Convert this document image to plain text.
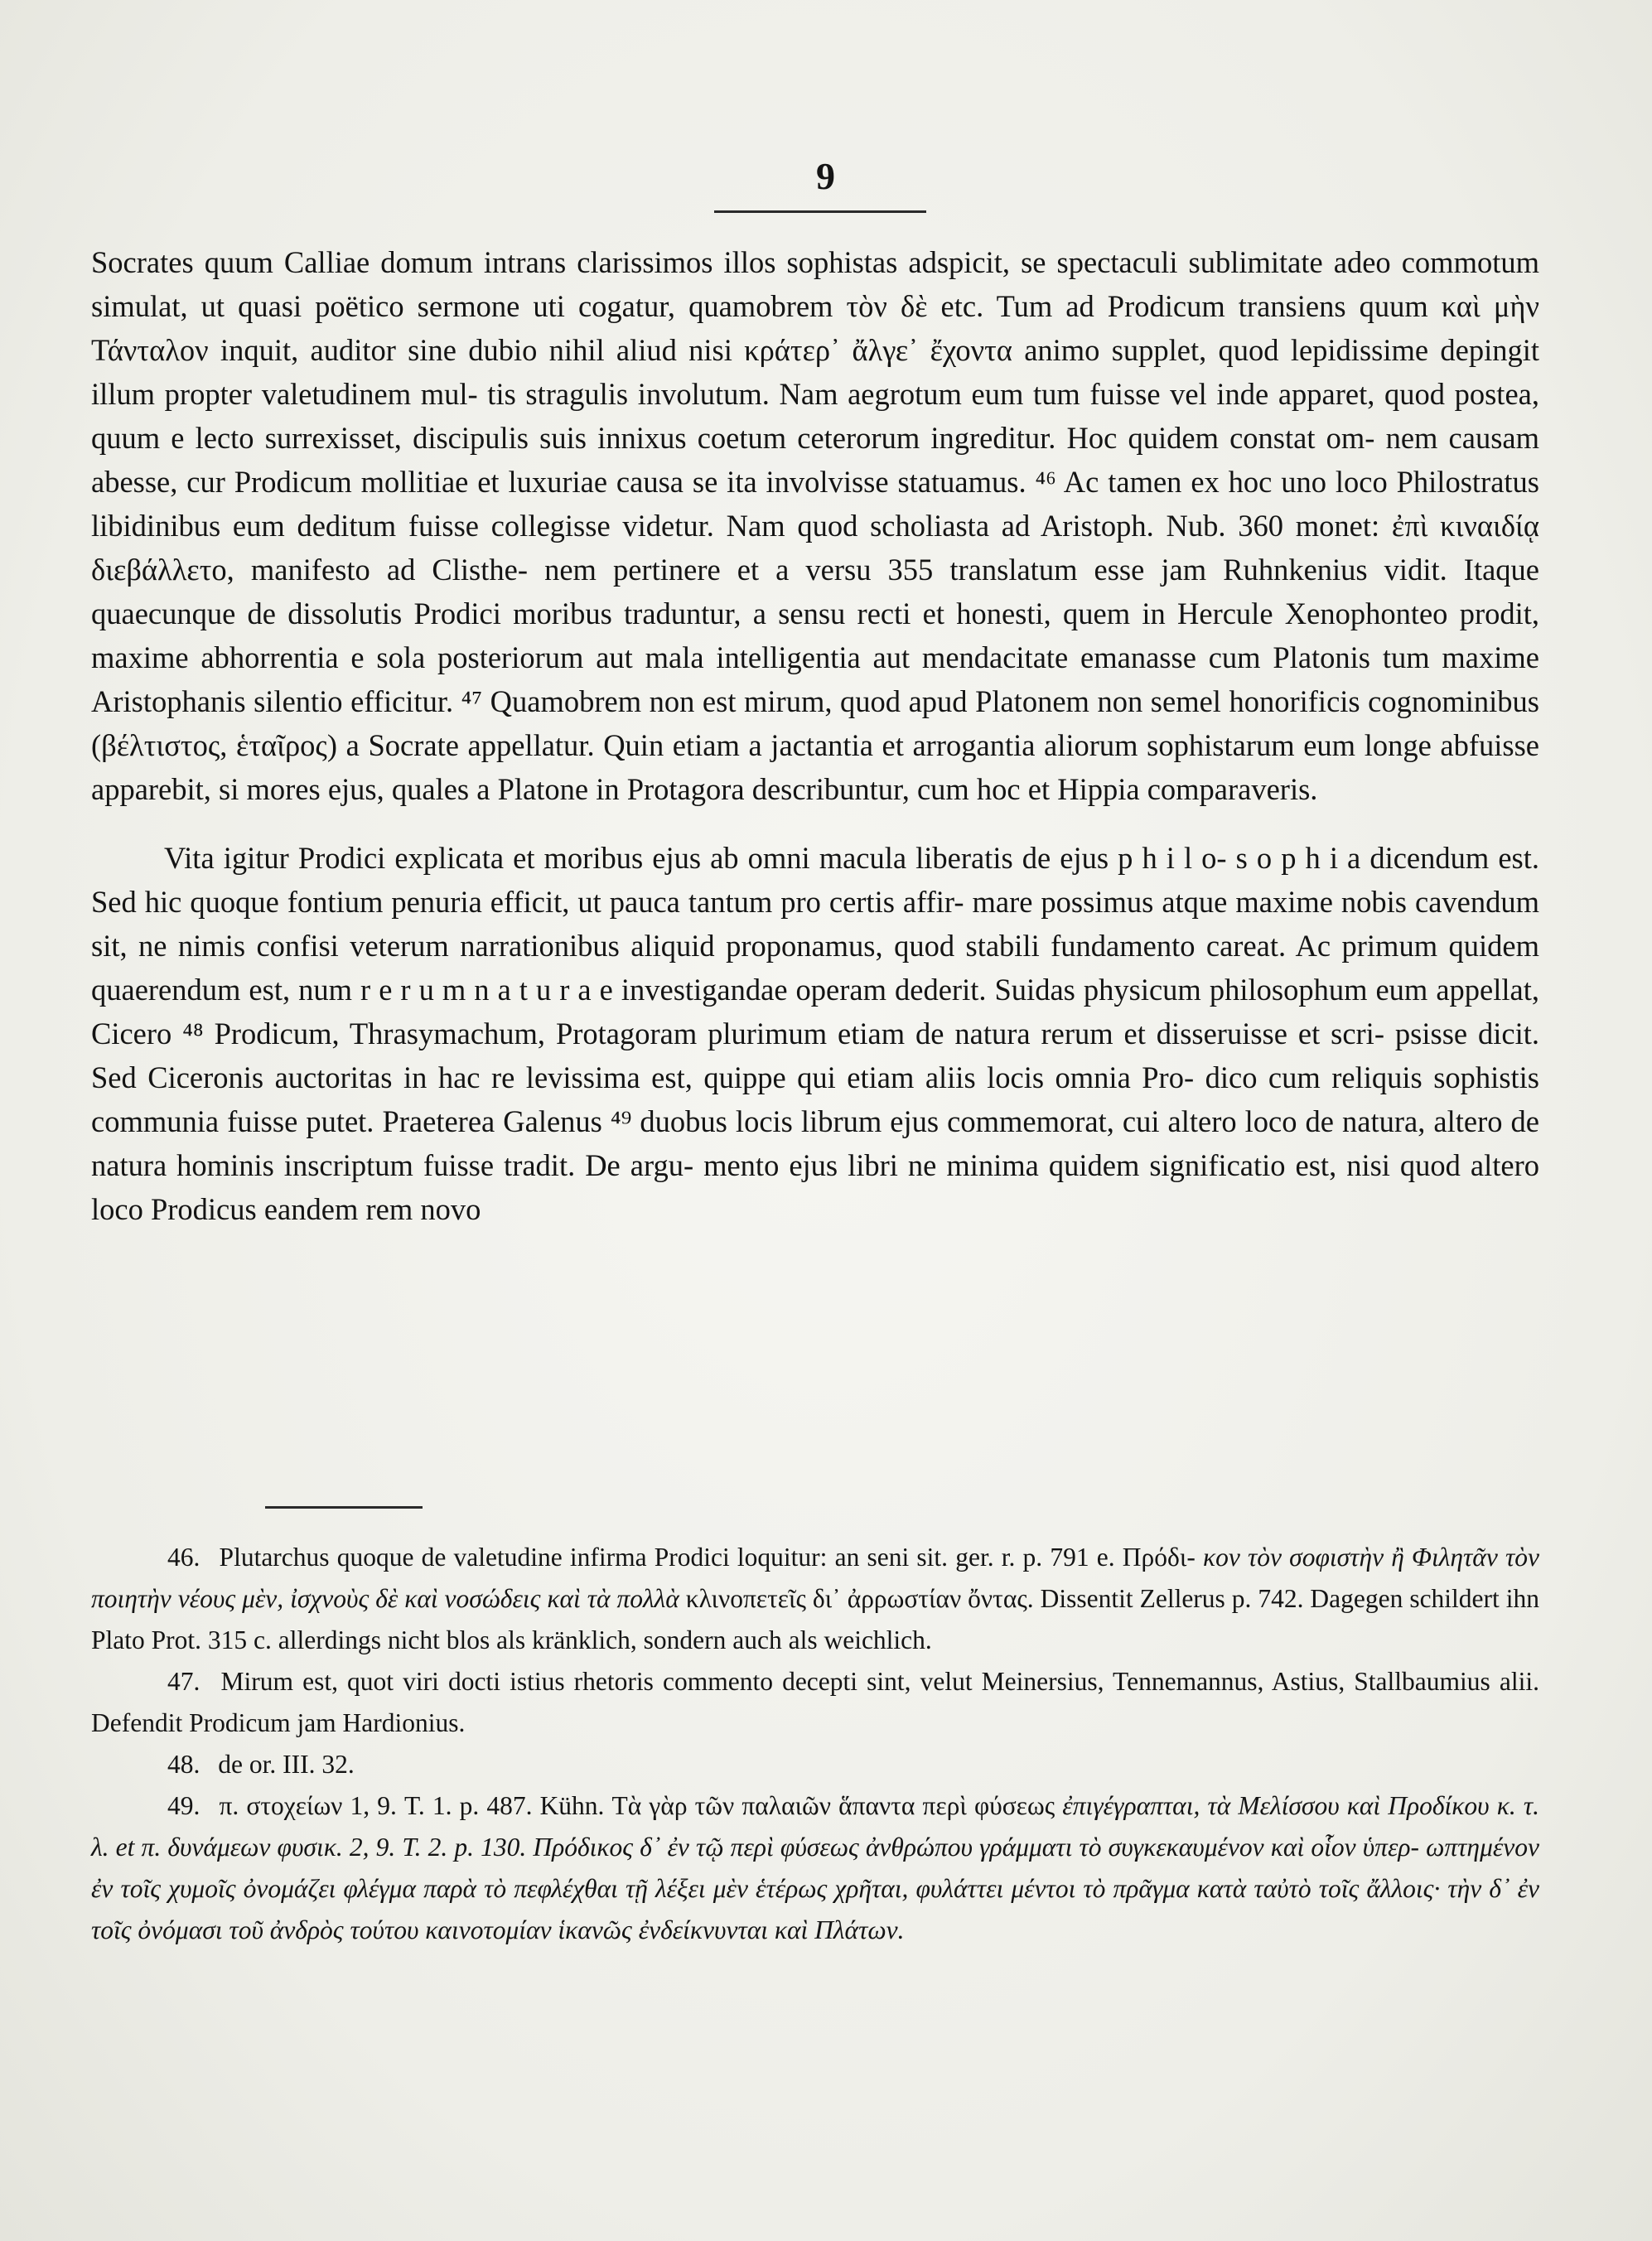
9

Socrates quum Calliae domum intrans clarissimos illos sophistas adspicit, se spectaculi sublimitate adeo commotum simulat, ut quasi poëtico sermone uti cogatur, quamobrem τὸν δὲ etc. Tum ad Prodicum transiens quum καὶ μὴν Τάνταλον inquit, auditor sine dubio nihil aliud nisi κράτερ᾽ ἄλγε᾽ ἔχοντα animo supplet, quod lepidissime depingit illum propter valetudinem mul- tis stragulis involutum. Nam aegrotum eum tum fuisse vel inde apparet, quod postea, quum e lecto surrexisset, discipulis suis innixus coetum ceterorum ingreditur. Hoc quidem constat om- nem causam abesse, cur Prodicum mollitiae et luxuriae causa se ita involvisse statuamus. ⁴⁶ Ac tamen ex hoc uno loco Philostratus libidinibus eum deditum fuisse collegisse videtur. Nam quod scholiasta ad Aristoph. Nub. 360 monet: ἐπὶ κιναιδίᾳ διεβάλλετο, manifesto ad Clisthe- nem pertinere et a versu 355 translatum esse jam Ruhnkenius vidit. Itaque quaecunque de dissolutis Prodici moribus traduntur, a sensu recti et honesti, quem in Hercule Xenophonteo prodit, maxime abhorrentia e sola posteriorum aut mala intelligentia aut mendacitate emanasse cum Platonis tum maxime Aristophanis silentio efficitur. ⁴⁷ Quamobrem non est mirum, quod apud Platonem non semel honorificis cognominibus (βέλτιστος, ἑταῖρος) a Socrate appellatur. Quin etiam a jactantia et arrogantia aliorum sophistarum eum longe abfuisse apparebit, si mores ejus, quales a Platone in Protagora describuntur, cum hoc et Hippia comparaveris.

Vita igitur Prodici explicata et moribus ejus ab omni macula liberatis de ejus p h i l o- s o p h i a dicendum est. Sed hic quoque fontium penuria efficit, ut pauca tantum pro certis affir- mare possimus atque maxime nobis cavendum sit, ne nimis confisi veterum narrationibus aliquid proponamus, quod stabili fundamento careat. Ac primum quidem quaerendum est, num r e r u m n a t u r a e investigandae operam dederit. Suidas physicum philosophum eum appellat, Cicero ⁴⁸ Prodicum, Thrasymachum, Protagoram plurimum etiam de natura rerum et disseruisse et scri- psisse dicit. Sed Ciceronis auctoritas in hac re levissima est, quippe qui etiam aliis locis omnia Pro- dico cum reliquis sophistis communia fuisse putet. Praeterea Galenus ⁴⁹ duobus locis librum ejus commemorat, cui altero loco de natura, altero de natura hominis inscriptum fuisse tradit. De argu- mento ejus libri ne minima quidem significatio est, nisi quod altero loco Prodicus eandem rem novo

46. Plutarchus quoque de valetudine infirma Prodici loquitur: an seni sit. ger. r. p. 791 e. Πρόδι- κον τὸν σοφιστὴν ἢ Φιλητᾶν τὸν ποιητὴν νέους μὲν, ἰσχνοὺς δὲ καὶ νοσώδεις καὶ τὰ πολλὰ κλινοπετεῖς δι᾽ ἀρρωστίαν ὄντας. Dissentit Zellerus p. 742. Dagegen schildert ihn Plato Prot. 315 c. allerdings nicht blos als kränklich, sondern auch als weichlich.

47. Mirum est, quot viri docti istius rhetoris commento decepti sint, velut Meinersius, Tennemannus, Astius, Stallbaumius alii. Defendit Prodicum jam Hardionius.

48. de or. III. 32.

49. π. στοχείων 1, 9. T. 1. p. 487. Kühn. Τὰ γὰρ τῶν παλαιῶν ἅπαντα περὶ φύσεως ἐπιγέγραπται, τὰ Μελίσσου καὶ Προδίκου κ. τ. λ. et π. δυνάμεων φυσικ. 2, 9. T. 2. p. 130. Πρόδικος δ᾽ ἐν τῷ περὶ φύσεως ἀνθρώπου γράμματι τὸ συγκεκαυμένον καὶ οἷον ὑπερ- ωπτημένον ἐν τοῖς χυμοῖς ὀνομάζει φλέγμα παρὰ τὸ πεφλέχθαι τῇ λέξει μὲν ἑτέρως χρῆται, φυλάττει μέντοι τὸ πρᾶγμα κατὰ ταὐτὸ τοῖς ἄλλοις· τὴν δ᾽ ἐν τοῖς ὀνόμασι τοῦ ἀνδρὸς τούτου καινοτομίαν ἱκανῶς ἐνδείκνυνται καὶ Πλάτων.
